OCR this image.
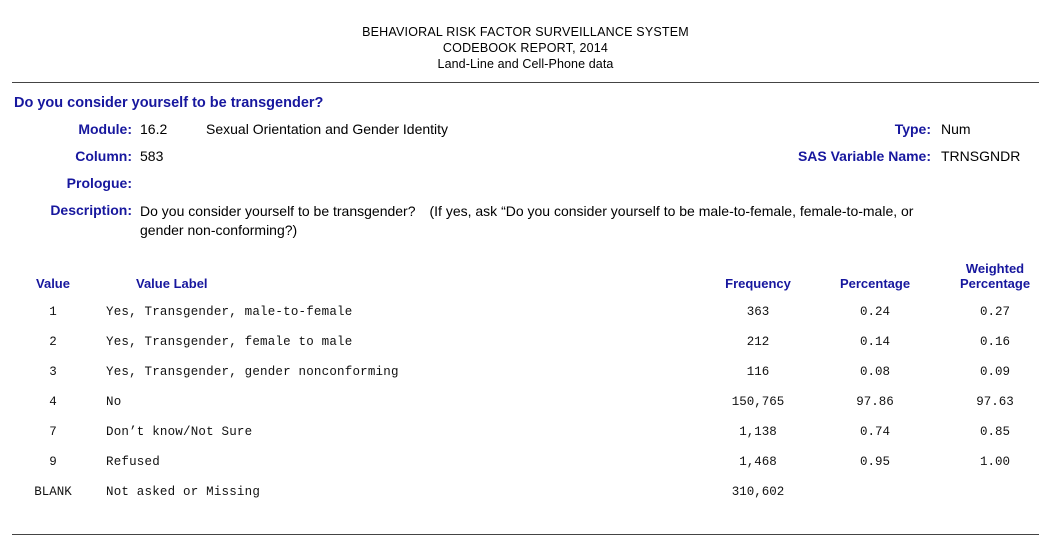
BEHAVIORAL RISK FACTOR SURVEILLANCE SYSTEM
CODEBOOK REPORT, 2014
Land-Line and Cell-Phone data
Do you consider yourself to be transgender?
Module: 16.2	Sexual Orientation and Gender Identity	Type: Num
Column: 583	SAS Variable Name: TRNSGNDR
Prologue:
Description: Do you consider yourself to be transgender? (If yes, ask “Do you consider yourself to be male-to-female, female-to-male, or gender non-conforming?)
Value	Value Label	Frequency	Percentage	Weighted
Percentage

1	Yes, Transgender, male-to-female	363	0.24	0.27
2	Yes, Transgender, female to male	212	0.14	0.16
3	Yes, Transgender, gender nonconforming	116	0.08	0.09
4	No	150,765	97.86	97.63
7	Don’t know/Not Sure	1,138	0.74	0.85
9	Refused	1,468	0.95	1.00
BLANK	Not asked or Missing	310,602		
